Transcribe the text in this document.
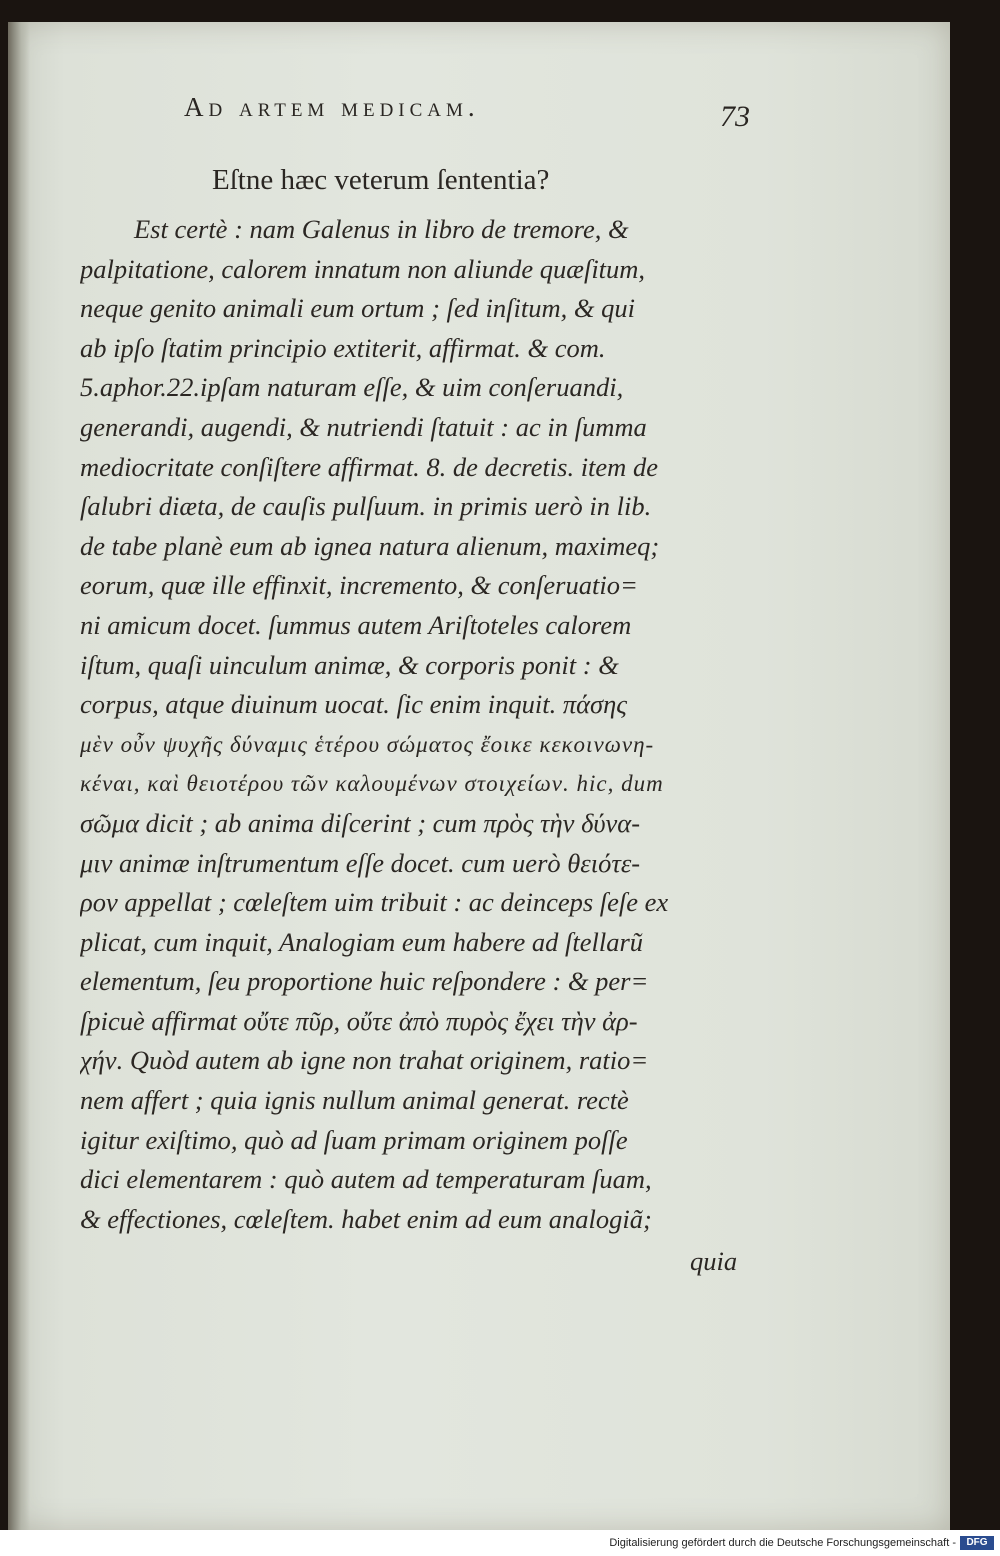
Ad artem medicam.	73
Eſtne hæc veterum ſententia?
Est certè : nam Galenus in libro de tremore, &
palpitatione, calorem innatum non aliunde quæſitum,
neque genito animali eum ortum ; ſed inſitum, & qui
ab ipſo ſtatim principio extiterit, affirmat. & com.
5.aphor.22.ipſam naturam eſſe, & uim conſeruandi,
generandi, augendi, & nutriendi ſtatuit : ac in ſumma
mediocritate conſiſtere affirmat. 8. de decretis. item de
ſalubri diæta, de cauſis pulſuum. in primis uerò in lib.
de tabe planè eum ab ignea natura alienum, maximeq;
eorum, quæ ille effinxit, incremento, & conſeruatio=
ni amicum docet. ſummus autem Ariſtoteles calorem
iſtum, quaſi uinculum animæ, & corporis ponit : &
corpus, atque diuinum uocat. ſic enim inquit. πάσης
μὲν οὖν ψυχῆς δύναμις ἑτέρου σώματος ἔοικε κεκοινωνη-
κέναι, καὶ θειοτέρου τῶν καλουμένων στοιχείων. hic, dum
σῶμα dicit ; ab anima diſcerint ; cum πρὸς τὴν δύνα-
μιν animæ inſtrumentum eſſe docet. cum uerò θειότε-
ρον appellat ; cœleſtem uim tribuit : ac deinceps ſeſe ex
plicat, cum inquit, Analogiam eum habere ad ſtellarũ
elementum, ſeu proportione huic reſpondere : & per=
ſpicuè affirmat οὔτε πῦρ, οὔτε ἀπὸ πυρὸς ἔχει τὴν ἀρ-
χήν. Quòd autem ab igne non trahat originem, ratio=
nem affert ; quia ignis nullum animal generat. rectè
igitur exiſtimo, quò ad ſuam primam originem poſſe
dici elementarem : quò autem ad temperaturam ſuam,
& effectiones, cœleſtem. habet enim ad eum analogiã;
quia
Digitalisierung gefördert durch die Deutsche Forschungsgemeinschaft -	DFG
